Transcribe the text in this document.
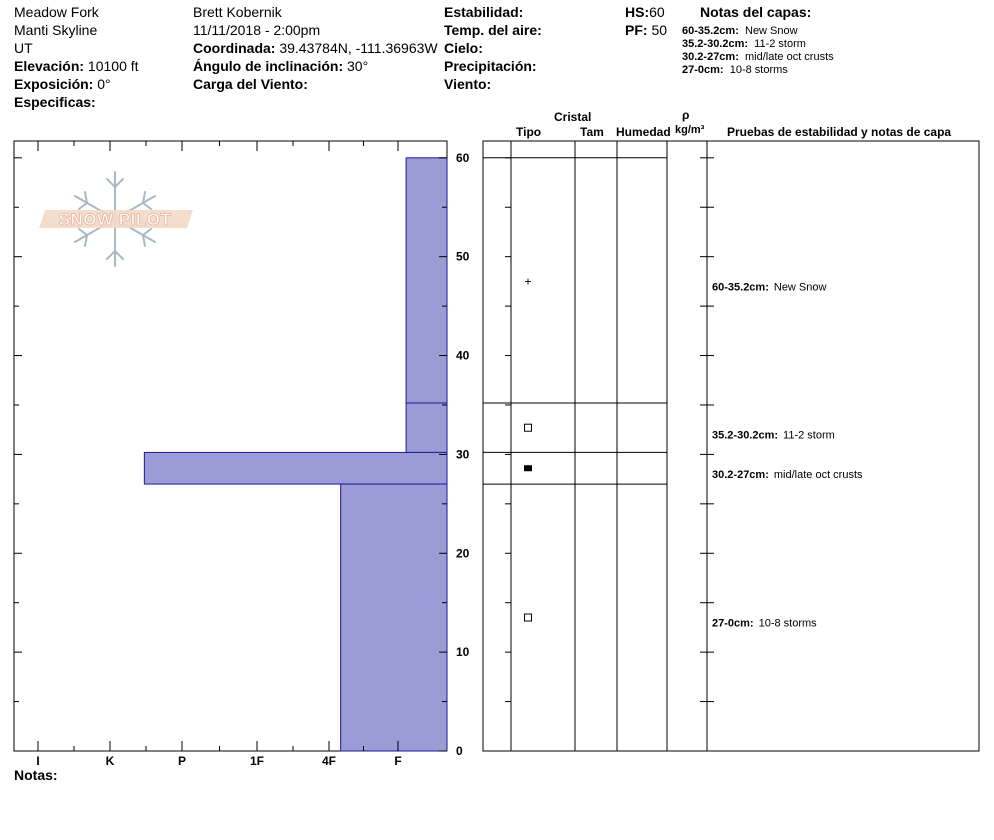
Meadow Fork
Manti Skyline
UT
Elevación: 10100 ft
Exposición: 0°
Especificas:
Brett Kobernik
11/11/2018 - 2:00pm
Coordinada: 39.43784N, -111.36963W
Ángulo de inclinación: 30°
Carga del Viento:
Estabilidad:
Temp. del aire:
Cielo:
Precipitación:
Viento:
HS:60
PF: 50
Notas del capas:
60-35.2cm: New Snow
35.2-30.2cm: 11-2 storm
30.2-27cm: mid/late oct crusts
27-0cm: 10-8 storms
Cristal
Tipo	Tam Humedad
ρ
kg/m³ Pruebas de estabilidad y notas de capa
Notas:
I	K	P	1F	4F	F
0
10
20
30
40
50
60
SNOW PILOT
+	60-35.2cm: New Snow
35.2-30.2cm: 11-2 storm
30.2-27cm: mid/late oct crusts
27-0cm: 10-8 storms
